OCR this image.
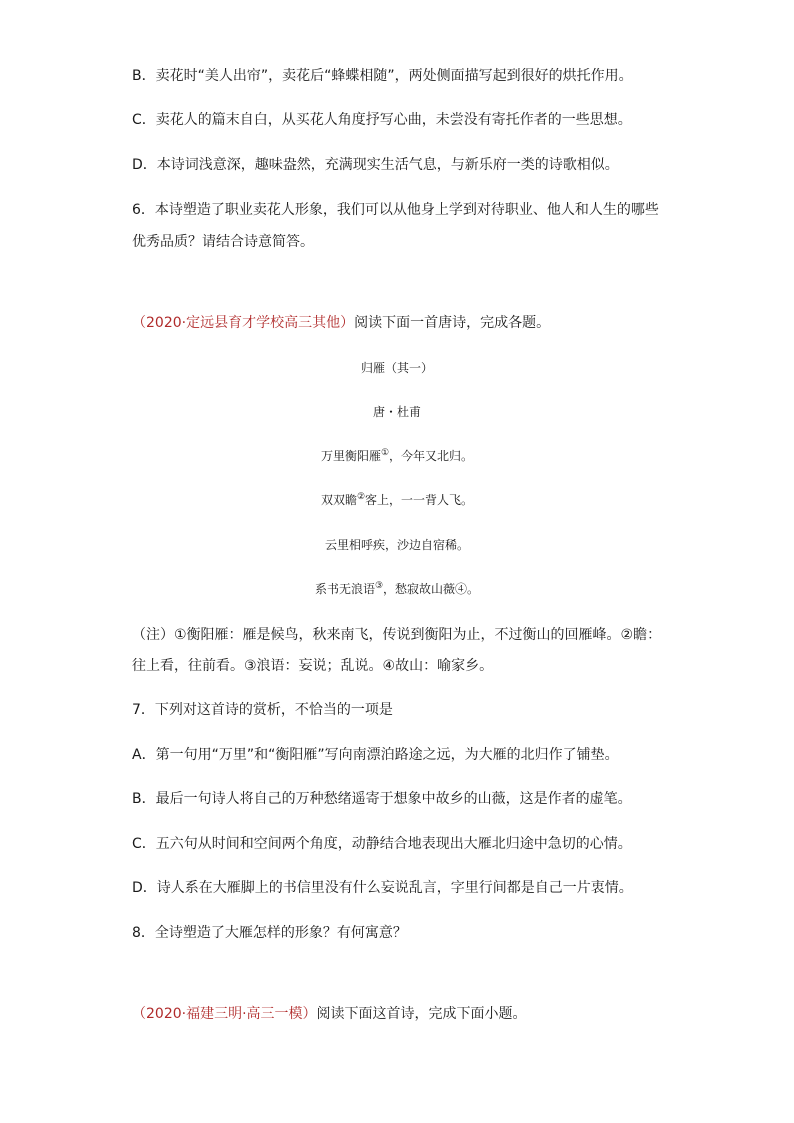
B．卖花时“美人出帘”，卖花后“蜂蝶相随”，两处侧面描写起到很好的烘托作用。
C．卖花人的篇末自白，从买花人角度抒写心曲，未尝没有寄托作者的一些思想。
D．本诗词浅意深，趣味盎然，充满现实生活气息，与新乐府一类的诗歌相似。
6．本诗塑造了职业卖花人形象，我们可以从他身上学到对待职业、他人和人生的哪些
优秀品质？请结合诗意简答。
（2020·定远县育才学校高三其他）阅读下面一首唐诗，完成各题。
归雁（其一）
唐・杜甫
万里衡阳雁①，今年又北归。
双双瞻②客上，一一背人飞。
云里相呼疾，沙边自宿稀。
系书无浪语③，愁寂故山薇④。
（注）①衡阳雁：雁是候鸟，秋来南飞，传说到衡阳为止，不过衡山的回雁峰。②瞻：
往上看，往前看。③浪语：妄说；乱说。④故山：喻家乡。
7．下列对这首诗的赏析，不恰当的一项是
A．第一句用“万里”和“衡阳雁”写向南漂泊路途之远，为大雁的北归作了铺垫。
B．最后一句诗人将自己的万种愁绪遥寄于想象中故乡的山薇，这是作者的虚笔。
C．五六句从时间和空间两个角度，动静结合地表现出大雁北归途中急切的心情。
D．诗人系在大雁脚上的书信里没有什么妄说乱言，字里行间都是自己一片衷情。
8．全诗塑造了大雁怎样的形象？有何寓意？
（2020·福建三明·高三一模）阅读下面这首诗，完成下面小题。
